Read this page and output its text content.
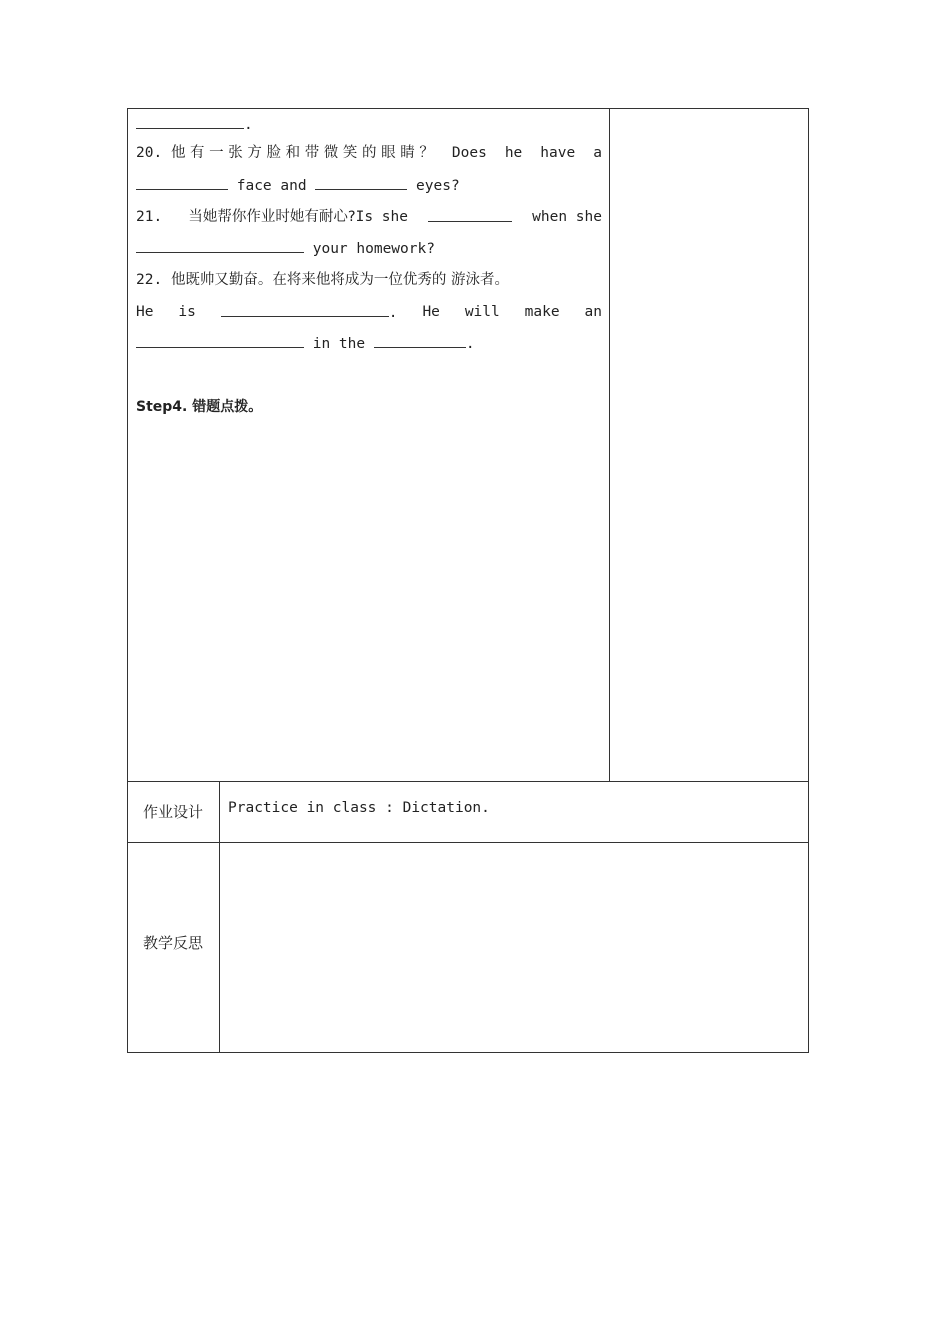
.
20. 他 有 一 张 方 脸 和 带 微 笑 的 眼 睛 ？ Does he have a
face and	eyes?
21. 当她帮你作业时她有耐心?Is she	when she
your homework?
22. 他既帅又勤奋。在将来他将成为一位优秀的 游泳者。
He is	. He will make an
in the	.
Step4. 错题点拨。
作业设计	Practice in class : Dictation.
教学反思
